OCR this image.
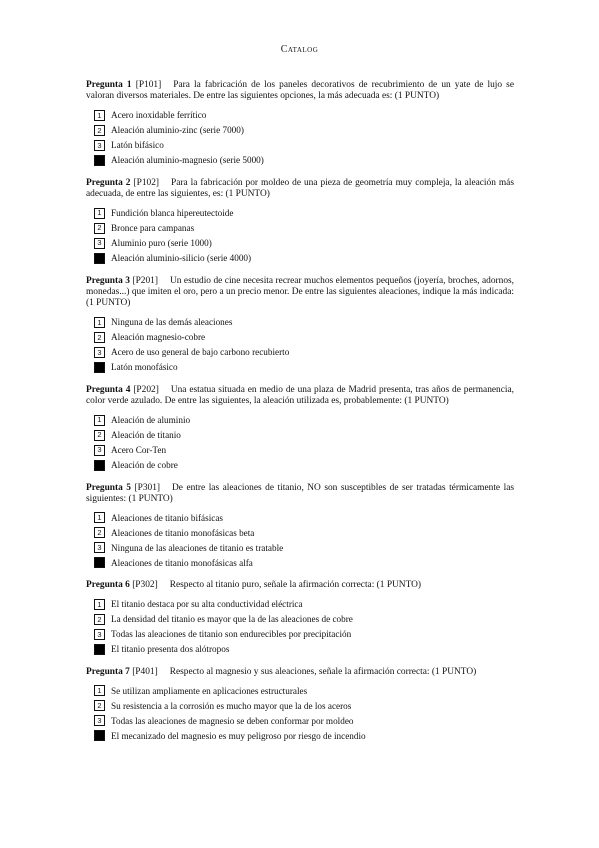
Catalog

Pregunta 1 [P101] Para la fabricación de los paneles decorativos de recubrimiento de un yate de lujo se valoran diversos materiales. De entre las siguientes opciones, la más adecuada es: (1 PUNTO)

1	Acero inoxidable ferrítico
2	Aleación aluminio-zinc (serie 7000)
3	Latón bifásico
Aleación aluminio-magnesio (serie 5000)

Pregunta 2 [P102] Para la fabricación por moldeo de una pieza de geometría muy compleja, la aleación más adecuada, de entre las siguientes, es: (1 PUNTO)

1	Fundición blanca hipereutectoide
2	Bronce para campanas
3	Aluminio puro (serie 1000)
Aleación aluminio-silicio (serie 4000)

Pregunta 3 [P201] Un estudio de cine necesita recrear muchos elementos pequeños (joyería, broches, adornos, monedas...) que imiten el oro, pero a un precio menor. De entre las siguientes aleaciones, indique la más indicada: (1 PUNTO)

1	Ninguna de las demás aleaciones
2	Aleación magnesio-cobre
3	Acero de uso general de bajo carbono recubierto
Latón monofásico

Pregunta 4 [P202] Una estatua situada en medio de una plaza de Madrid presenta, tras años de permanencia, color verde azulado. De entre las siguientes, la aleación utilizada es, probablemente: (1 PUNTO)

1	Aleación de aluminio
2	Aleación de titanio
3	Acero Cor-Ten
Aleación de cobre

Pregunta 5 [P301] De entre las aleaciones de titanio, NO son susceptibles de ser tratadas térmicamente las siguientes: (1 PUNTO)

1	Aleaciones de titanio bifásicas
2	Aleaciones de titanio monofásicas beta
3	Ninguna de las aleaciones de titanio es tratable
Aleaciones de titanio monofásicas alfa

Pregunta 6 [P302] Respecto al titanio puro, señale la afirmación correcta: (1 PUNTO)

1	El titanio destaca por su alta conductividad eléctrica
2	La densidad del titanio es mayor que la de las aleaciones de cobre
3	Todas las aleaciones de titanio son endurecibles por precipitación
El titanio presenta dos alótropos

Pregunta 7 [P401] Respecto al magnesio y sus aleaciones, señale la afirmación correcta: (1 PUNTO)

1	Se utilizan ampliamente en aplicaciones estructurales
2	Su resistencia a la corrosión es mucho mayor que la de los aceros
3	Todas las aleaciones de magnesio se deben conformar por moldeo
El mecanizado del magnesio es muy peligroso por riesgo de incendio
